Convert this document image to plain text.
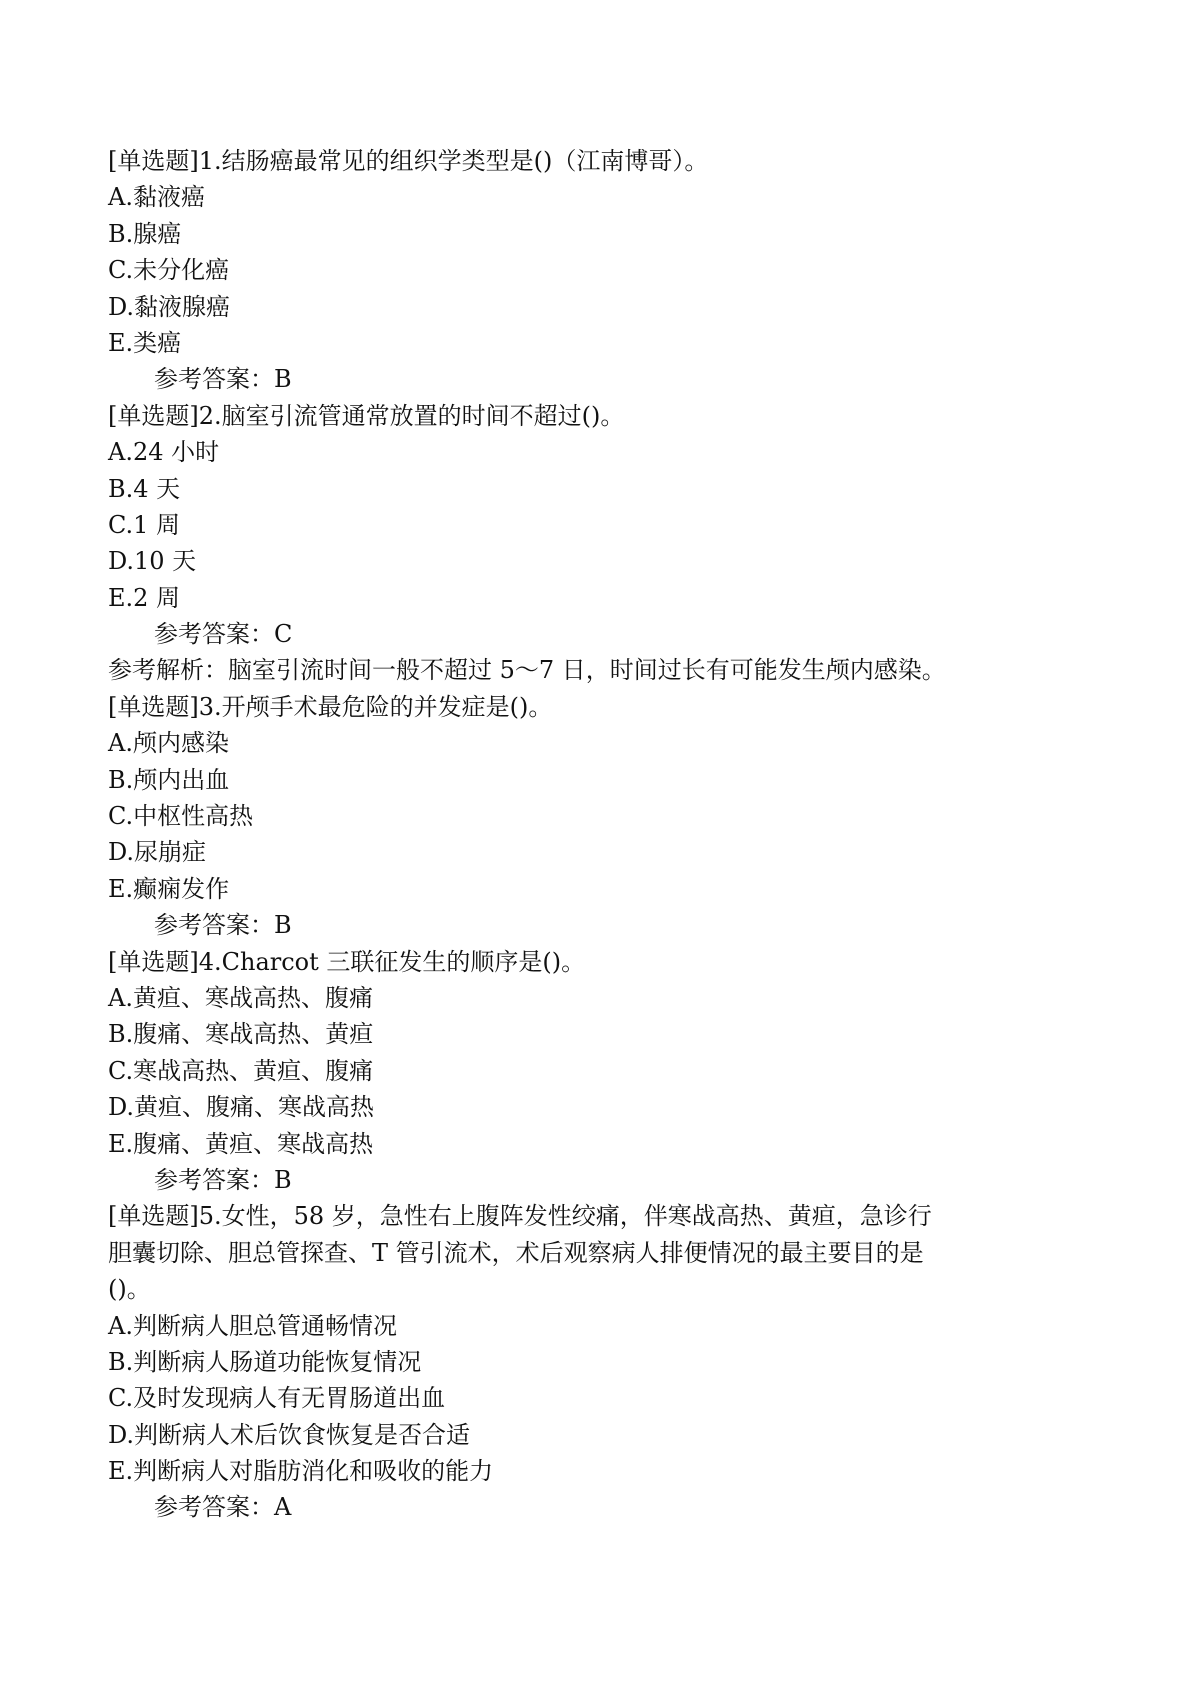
[单选题]1.结肠癌最常见的组织学类型是()（江南博哥）。
A.黏液癌
B.腺癌
C.未分化癌
D.黏液腺癌
E.类癌
参考答案：B
[单选题]2.脑室引流管通常放置的时间不超过()。
A.24 小时
B.4 天
C.1 周
D.10 天
E.2 周
参考答案：C
参考解析：脑室引流时间一般不超过 5～7 日，时间过长有可能发生颅内感染。
[单选题]3.开颅手术最危险的并发症是()。
A.颅内感染
B.颅内出血
C.中枢性高热
D.尿崩症
E.癫痫发作
参考答案：B
[单选题]4.Charcot 三联征发生的顺序是()。
A.黄疸、寒战高热、腹痛
B.腹痛、寒战高热、黄疸
C.寒战高热、黄疸、腹痛
D.黄疸、腹痛、寒战高热
E.腹痛、黄疸、寒战高热
参考答案：B
[单选题]5.女性，58 岁，急性右上腹阵发性绞痛，伴寒战高热、黄疸，急诊行
胆囊切除、胆总管探查、T 管引流术，术后观察病人排便情况的最主要目的是
()。
A.判断病人胆总管通畅情况
B.判断病人肠道功能恢复情况
C.及时发现病人有无胃肠道出血
D.判断病人术后饮食恢复是否合适
E.判断病人对脂肪消化和吸收的能力
参考答案：A
